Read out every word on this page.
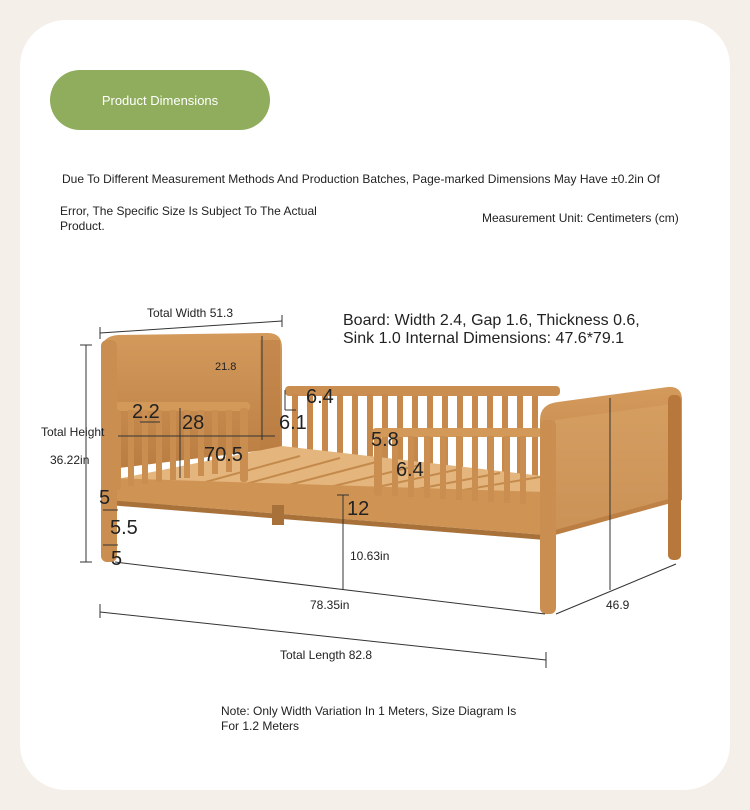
Product Dimensions
Due To Different Measurement Methods And Production Batches, Page-marked Dimensions May Have ±0.2in Of
Error, The Specific Size Is Subject To The Actual Product.
Measurement Unit: Centimeters (cm)
Total Width 51.3
21.8
Total Height
36.22in
Board: Width 2.4, Gap 1.6, Thickness 0.6, Sink 1.0 Internal Dimensions: 47.6*79.1
6.4
6.1
2.2 28
70.5
5.8
6.4
5
5.5
5
12
10.63in
78.35in	46.9
Total Length 82.8
Note: Only Width Variation In 1 Meters, Size Diagram Is For 1.2 Meters
